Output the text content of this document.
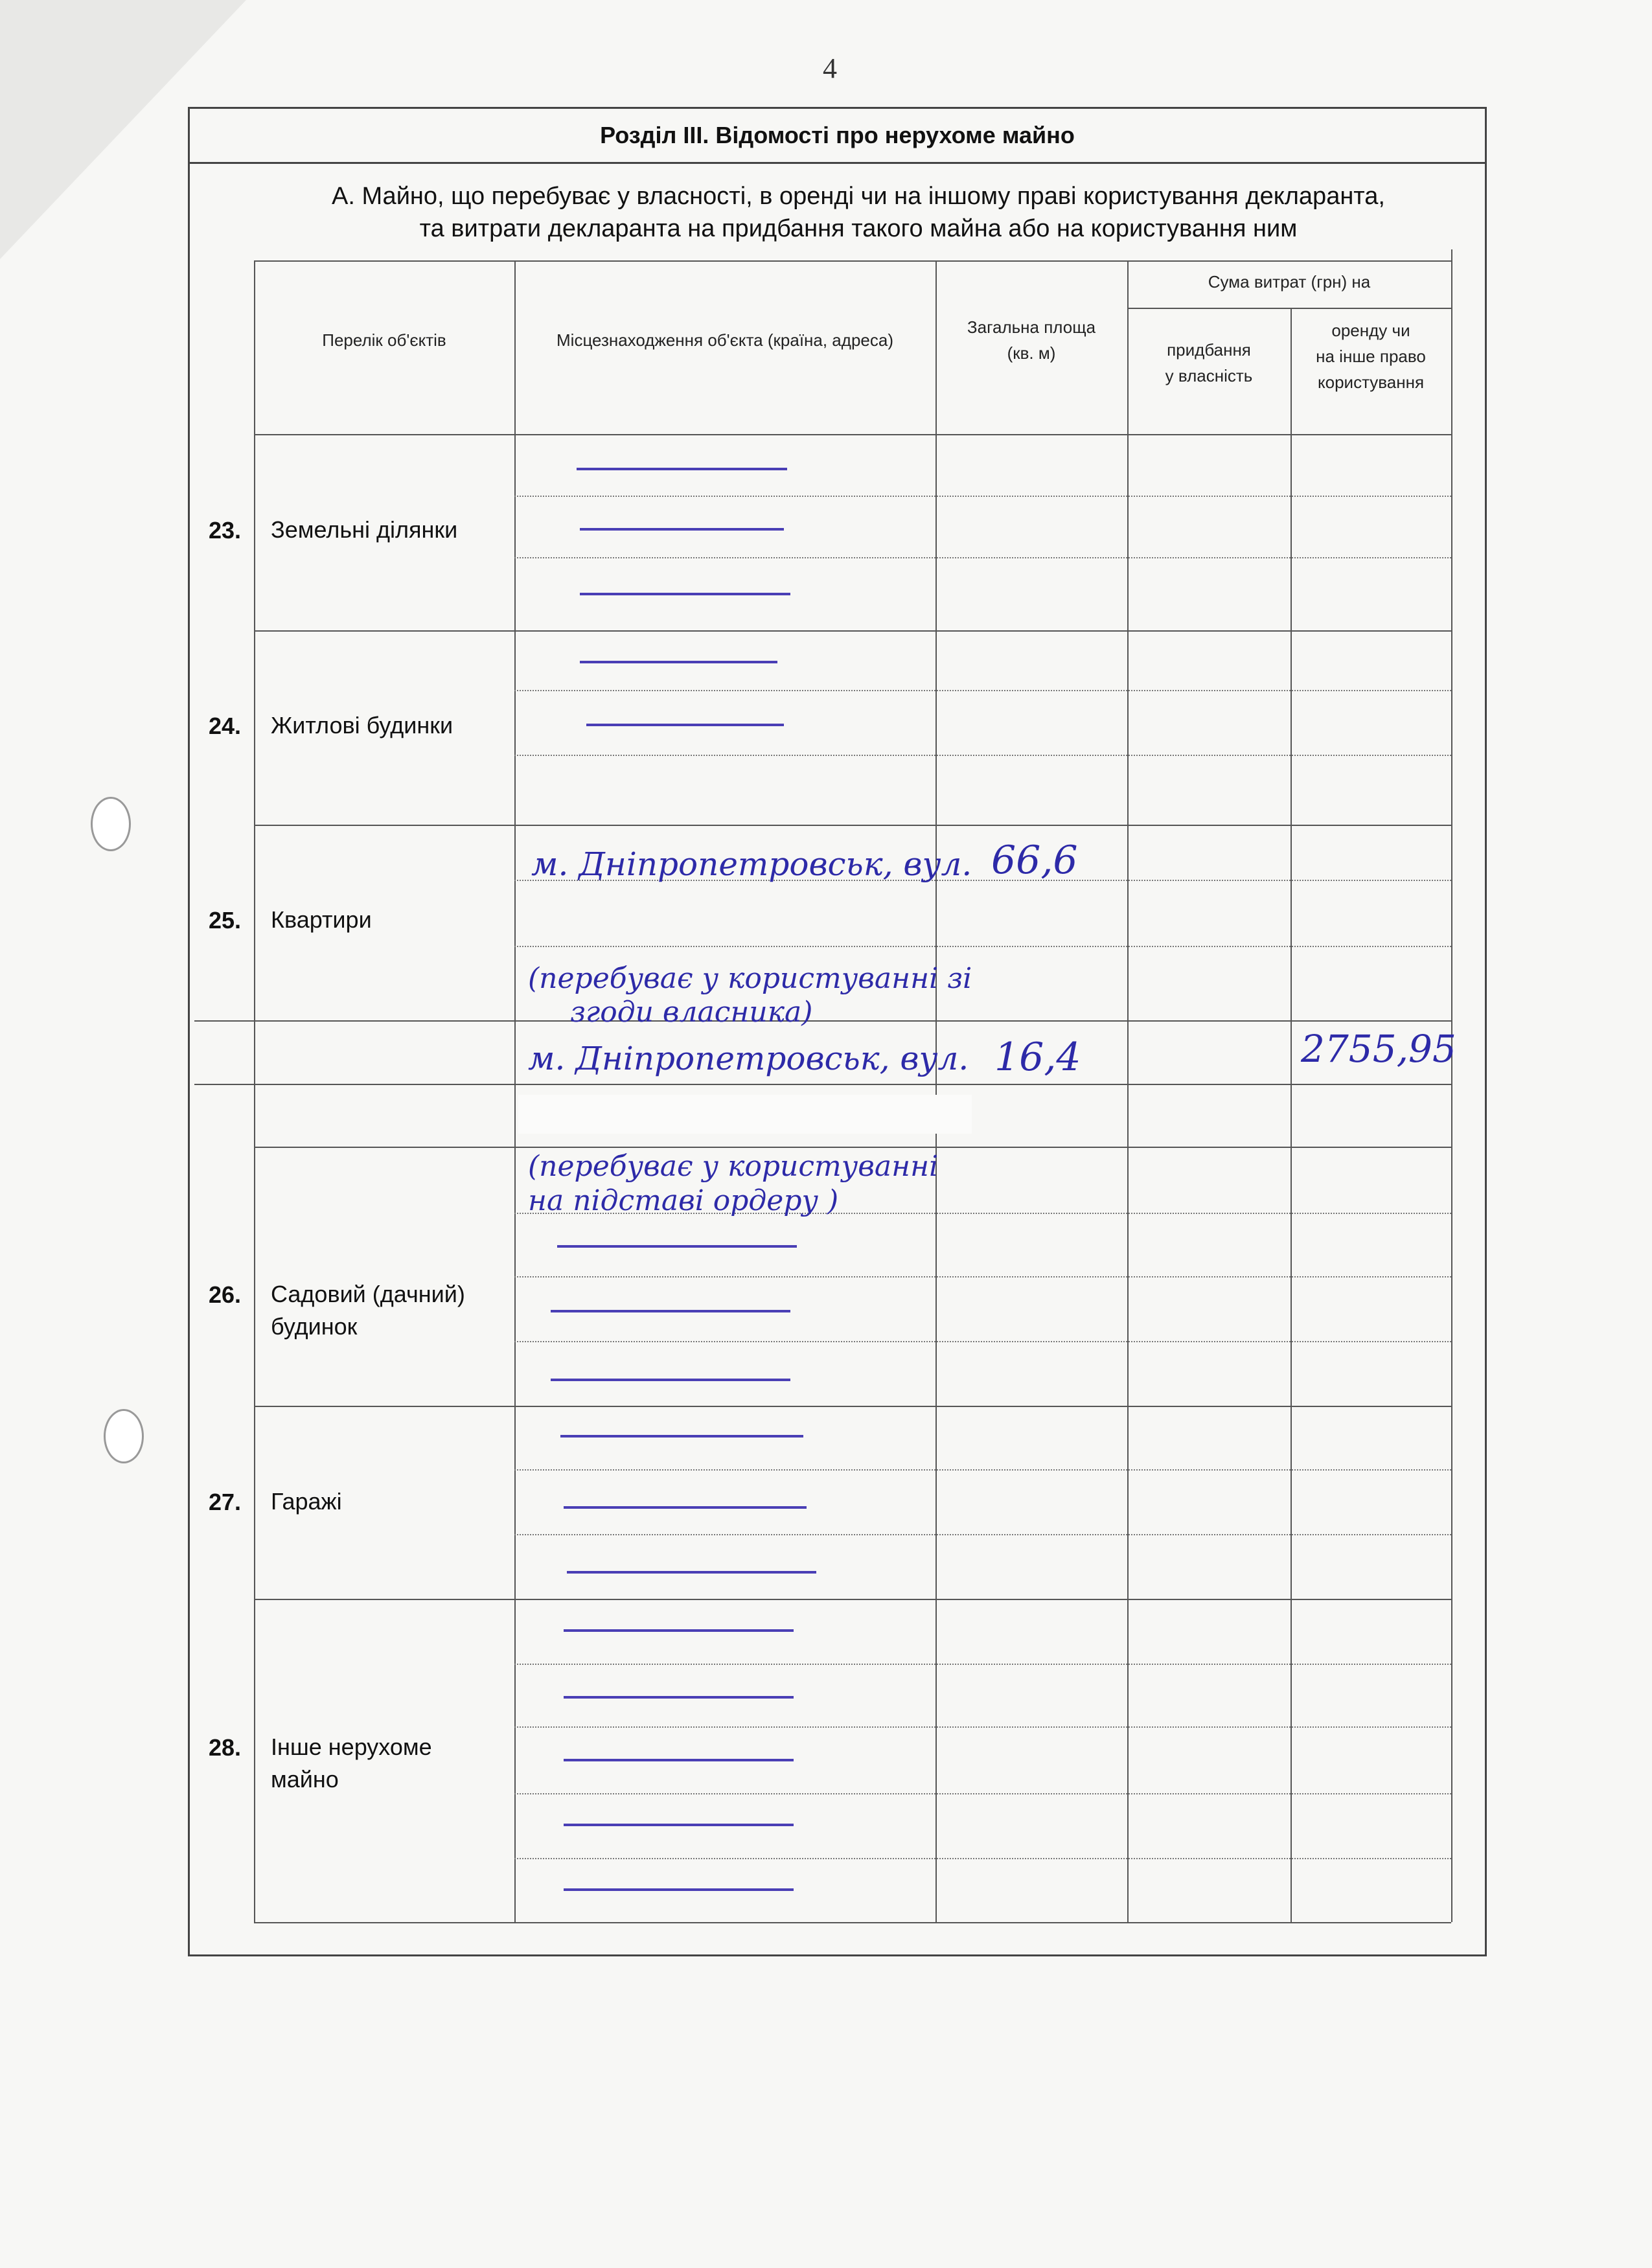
4
Розділ ІІІ. Відомості про нерухоме майно
А. Майно, що перебуває у власності, в оренді чи на іншому праві користування декларанта,
та витрати декларанта на придбання такого майна або на користування ним
Перелік об'єктів	Місцезнаходження об'єкта (країна, адреса)
Загальна площа
(кв. м)
Сума витрат (грн) на
придбання
у власність
оренду чи
на інше право
користування
23. Земельні ділянки
24. Житлові будинки
25. Квартири
26. Садовий (дачний)
будинок
27. Гаражі
28. Інше нерухоме
майно
м. Дніпропетровськ, вул. 66,6
(перебуває у користуванні зі
згоди власника)
м. Дніпропетровськ, вул. 16,4	2755,95
(перебуває у користуванні
на підставі ордеру )
